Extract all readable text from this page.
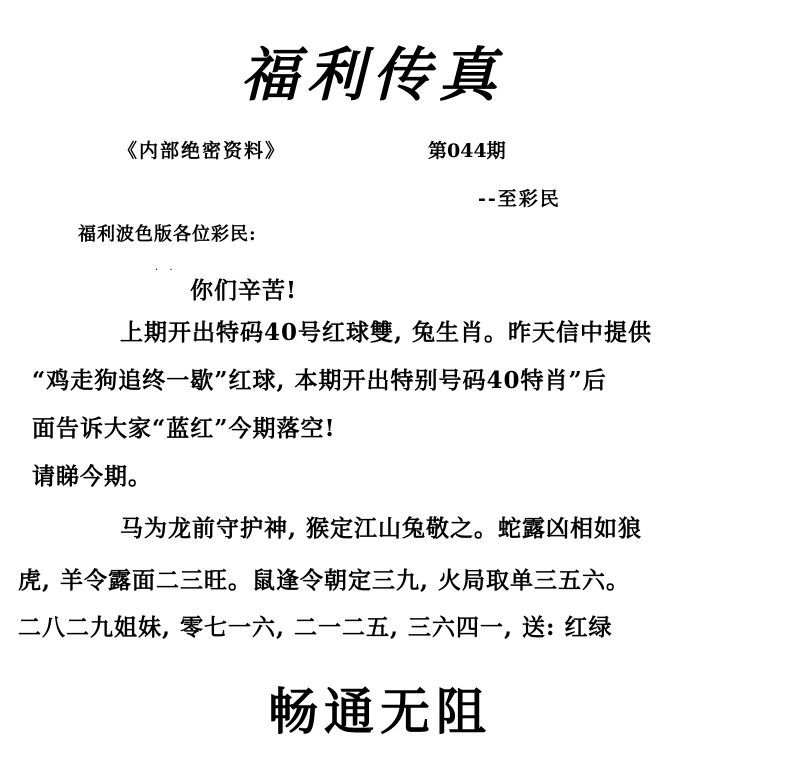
福利传真
《内部绝密资料》	第044期
--至彩民
福利波色版各位彩民:
. .
你们辛苦!
上期开出特码40号红球雙, 兔生肖。昨天信中提供
“鸡走狗追终一歇”红球, 本期开出特别号码40特肖”后
面告诉大家“蓝红”今期落空!
请睇今期。
马为龙前守护神, 猴定江山兔敬之。蛇露凶相如狼
虎, 羊令露面二三旺。鼠逢令朝定三九, 火局取单三五六。
二八二九姐妹, 零七一六, 二一二五, 三六四一, 送: 红绿
畅通无阻
